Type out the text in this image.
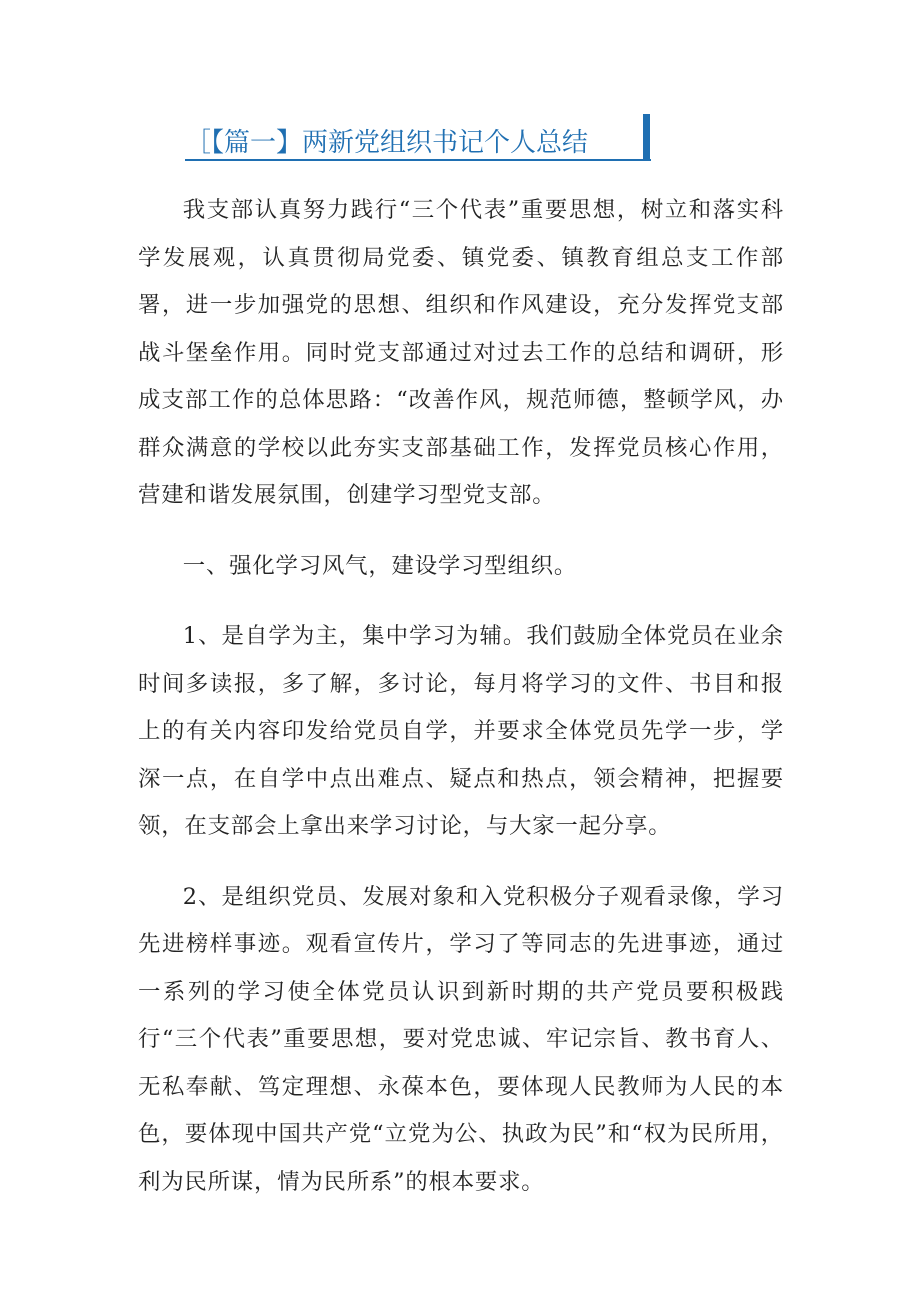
［【篇一】两新党组织书记个人总结

我支部认真努力践行“三个代表”重要思想，树立和落实科学发展观，认真贯彻局党委、镇党委、镇教育组总支工作部署，进一步加强党的思想、组织和作风建设，充分发挥党支部战斗堡垒作用。同时党支部通过对过去工作的总结和调研，形成支部工作的总体思路：“改善作风，规范师德，整顿学风，办群众满意的学校以此夯实支部基础工作，发挥党员核心作用，营建和谐发展氛围，创建学习型党支部。

一、强化学习风气，建设学习型组织。

1、是自学为主，集中学习为辅。我们鼓励全体党员在业余时间多读报，多了解，多讨论，每月将学习的文件、书目和报上的有关内容印发给党员自学，并要求全体党员先学一步，学深一点，在自学中点出难点、疑点和热点，领会精神，把握要领，在支部会上拿出来学习讨论，与大家一起分享。

2、是组织党员、发展对象和入党积极分子观看录像，学习先进榜样事迹。观看宣传片，学习了等同志的先进事迹，通过一系列的学习使全体党员认识到新时期的共产党员要积极践行“三个代表”重要思想，要对党忠诚、牢记宗旨、教书育人、无私奉献、笃定理想、永葆本色，要体现人民教师为人民的本色，要体现中国共产党“立党为公、执政为民”和“权为民所用，利为民所谋，情为民所系”的根本要求。
